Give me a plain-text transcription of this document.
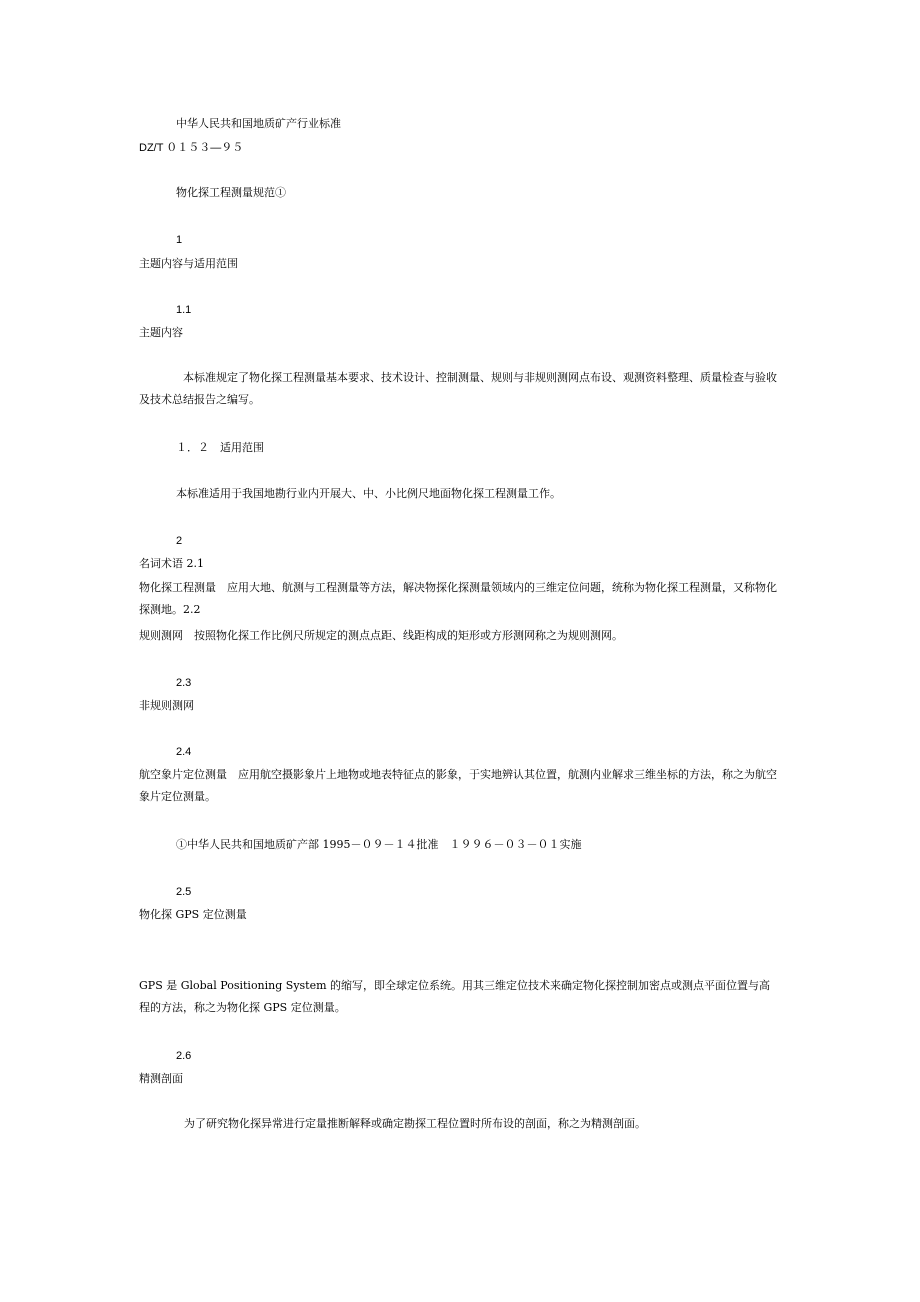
中华人民共和国地质矿产行业标准
DZ/T ０１５３—９５
物化探工程测量规范①
1
主题内容与适用范围
1.1
主题内容
本标准规定了物化探工程测量基本要求、技术设计、控制测量、规则与非规则测网点布设、观测资料整理、质量检查与验收及技术总结报告之编写。
１．２　适用范围
本标准适用于我国地勘行业内开展大、中、小比例尺地面物化探工程测量工作。
2
名词术语 2.1
物化探工程测量　应用大地、航测与工程测量等方法，解决物探化探测量领域内的三维定位问题，统称为物化探工程测量，又称物化探测地。2.2
规则测网　按照物化探工作比例尺所规定的测点点距、线距构成的矩形或方形测网称之为规则测网。
2.3
非规则测网
2.4
航空象片定位测量　应用航空摄影象片上地物或地表特征点的影象，于实地辨认其位置，航测内业解求三维坐标的方法，称之为航空象片定位测量。
①中华人民共和国地质矿产部 1995－０９－１４批准　１９９６－０３－０１实施
2.5
物化探 GPS 定位测量
GPS 是 Global Positioning System 的缩写，即全球定位系统。用其三维定位技术来确定物化探控制加密点或测点平面位置与高程的方法，称之为物化探 GPS 定位测量。
2.6
精测剖面
为了研究物化探异常进行定量推断解释或确定勘探工程位置时所布设的剖面，称之为精测剖面。
